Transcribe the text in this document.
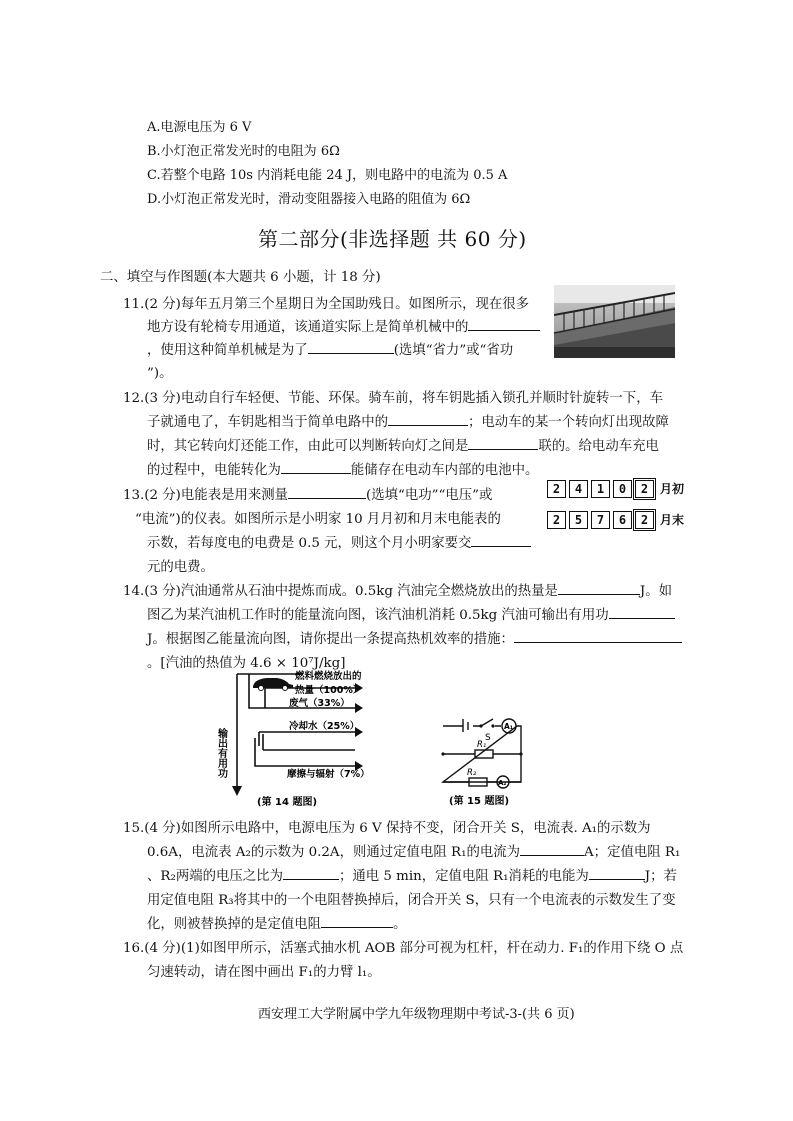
A.电源电压为 6 V
B.小灯泡正常发光时的电阻为 6Ω
C.若整个电路 10s 内消耗电能 24 J，则电路中的电流为 0.5 A
D.小灯泡正常发光时，滑动变阻器接入电路的阻值为 6Ω
第二部分(非选择题 共 60 分)
二、填空与作图题(本大题共 6 小题，计 18 分)
11.(2 分)每年五月第三个星期日为全国助残日。如图所示，现在很多
地方设有轮椅专用通道，该通道实际上是简单机械中的
，使用这种简单机械是为了	(选填“省力”或“省功
”)。
12.(3 分)电动自行车轻便、节能、环保。骑车前，将车钥匙插入锁孔并顺时针旋转一下，车
子就通电了，车钥匙相当于简单电路中的	；电动车的某一个转向灯出现故障
时，其它转向灯还能工作，由此可以判断转向灯之间是	联的。给电动车充电
的过程中，电能转化为	能储存在电动车内部的电池中。
13.(2 分)电能表是用来测量	(选填“电功”“电压”或
“电流”)的仪表。如图所示是小明家 10 月月初和月末电能表的
示数，若每度电的电费是 0.5 元，则这个月小明家要交
元的电费。
2	4	1	0	2 月初
2	5	7	6	2 月末
14.(3 分)汽油通常从石油中提炼而成。0.5kg 汽油完全燃烧放出的热量是	J。如
图乙为某汽油机工作时的能量流向图，该汽油机消耗 0.5kg 汽油可输出有用功
J。根据图乙能量流向图，请你提出一条提高热机效率的措施：
。[汽油的热值为 4.6 × 10⁷J/kg]
燃料燃烧放出的
热量（100%）
废气（33%）
冷却水（25%）
摩擦与辐射（7%）
输出有用功
(第 14 题图)
S
A₁
R₁
R₂
A₂
(第 15 题图)
15.(4 分)如图所示电路中，电源电压为 6 V 保持不变，闭合开关 S，电流表. A₁的示数为
0.6A，电流表 A₂的示数为 0.2A，则通过定值电阻 R₁的电流为	A；定值电阻 R₁
、R₂两端的电压之比为	；通电 5 min，定值电阻 R₁消耗的电能为	J；若
用定值电阻 R₃将其中的一个电阻替换掉后，闭合开关 S，只有一个电流表的示数发生了变
化，则被替换掉的是定值电阻	。
16.(4 分)(1)如图甲所示，活塞式抽水机 AOB 部分可视为杠杆，杆在动力. F₁的作用下绕 O 点
匀速转动，请在图中画出 F₁的力臂 l₁。
西安理工大学附属中学九年级物理期中考试-3-(共 6 页)
